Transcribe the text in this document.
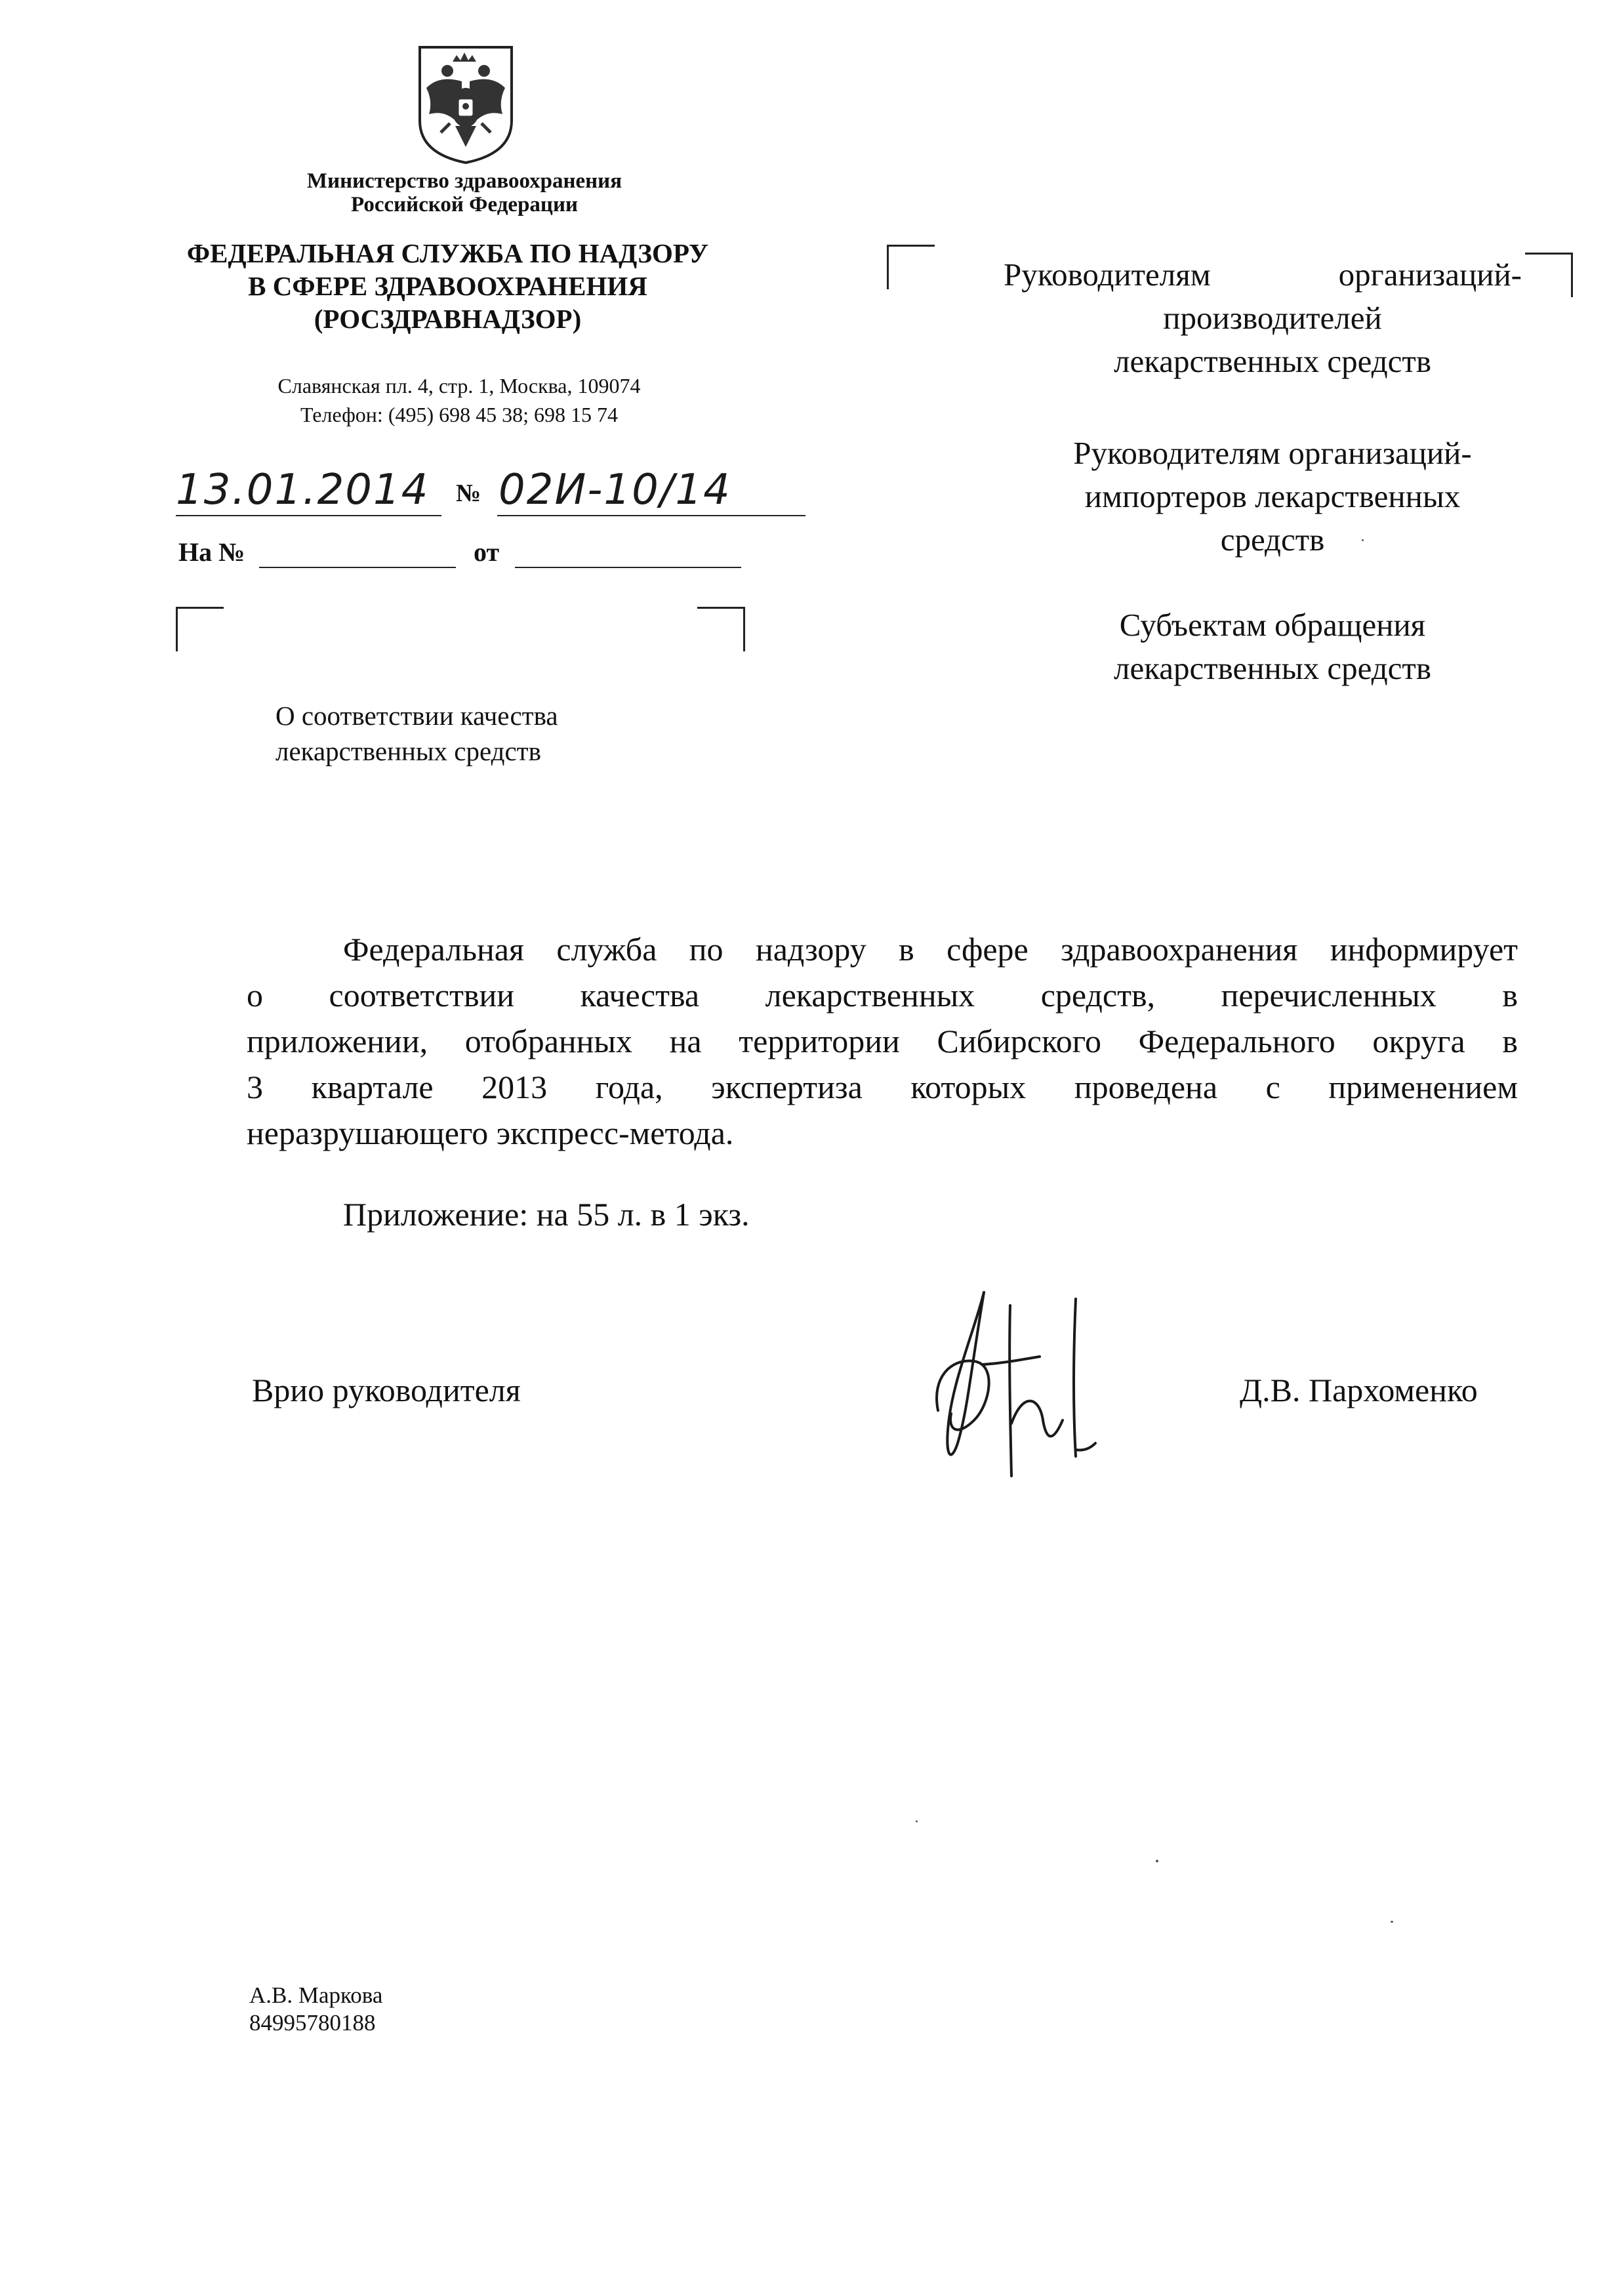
Министерство здравоохранения
Российской Федерации
ФЕДЕРАЛЬНАЯ СЛУЖБА ПО НАДЗОРУ
В СФЕРЕ ЗДРАВООХРАНЕНИЯ
(РОСЗДРАВНАДЗОР)
Славянская пл. 4, стр. 1, Москва, 109074
Телефон: (495) 698 45 38; 698 15 74
13.01.2014 № 02И-10/14
На №	от
О соответствии качества
лекарственных средств
Руководителям организаций-
производителей
лекарственных средств
Руководителям организаций-
импортеров лекарственных
средств
Субъектам обращения
лекарственных средств
Федеральная служба по надзору в сфере здравоохранения информирует
о соответствии качества лекарственных средств, перечисленных в
приложении, отобранных на территории Сибирского Федерального округа в
3 квартале 2013 года, экспертиза которых проведена с применением
неразрушающего экспресс-метода.
Приложение: на 55 л. в 1 экз.
Врио руководителя	Д.В. Пархоменко
А.В. Маркова
84995780188
